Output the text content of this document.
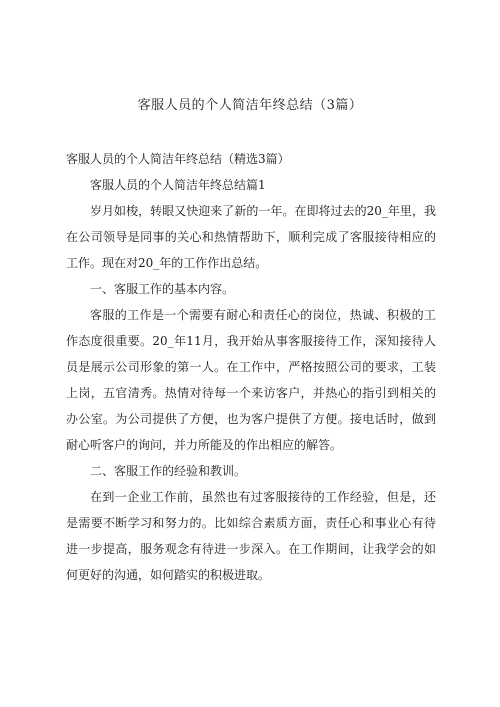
客服人员的个人简洁年终总结（3篇）

客服人员的个人简洁年终总结（精选3篇）

客服人员的个人简洁年终总结篇1

岁月如梭，转眼又快迎来了新的一年。在即将过去的20_年里，我在公司领导是同事的关心和热情帮助下，顺利完成了客服接待相应的工作。现在对20_年的工作作出总结。

一、客服工作的基本内容。

客服的工作是一个需要有耐心和责任心的岗位，热诚、积极的工作态度很重要。20_年11月，我开始从事客服接待工作，深知接待人员是展示公司形象的第一人。在工作中，严格按照公司的要求，工装上岗，五官清秀。热情对待每一个来访客户，并热心的指引到相关的办公室。为公司提供了方便，也为客户提供了方便。接电话时，做到耐心听客户的询问，并力所能及的作出相应的解答。

二、客服工作的经验和教训。

在到一企业工作前，虽然也有过客服接待的工作经验，但是，还是需要不断学习和努力的。比如综合素质方面，责任心和事业心有待进一步提高，服务观念有待进一步深入。在工作期间，让我学会的如何更好的沟通，如何踏实的积极进取。
